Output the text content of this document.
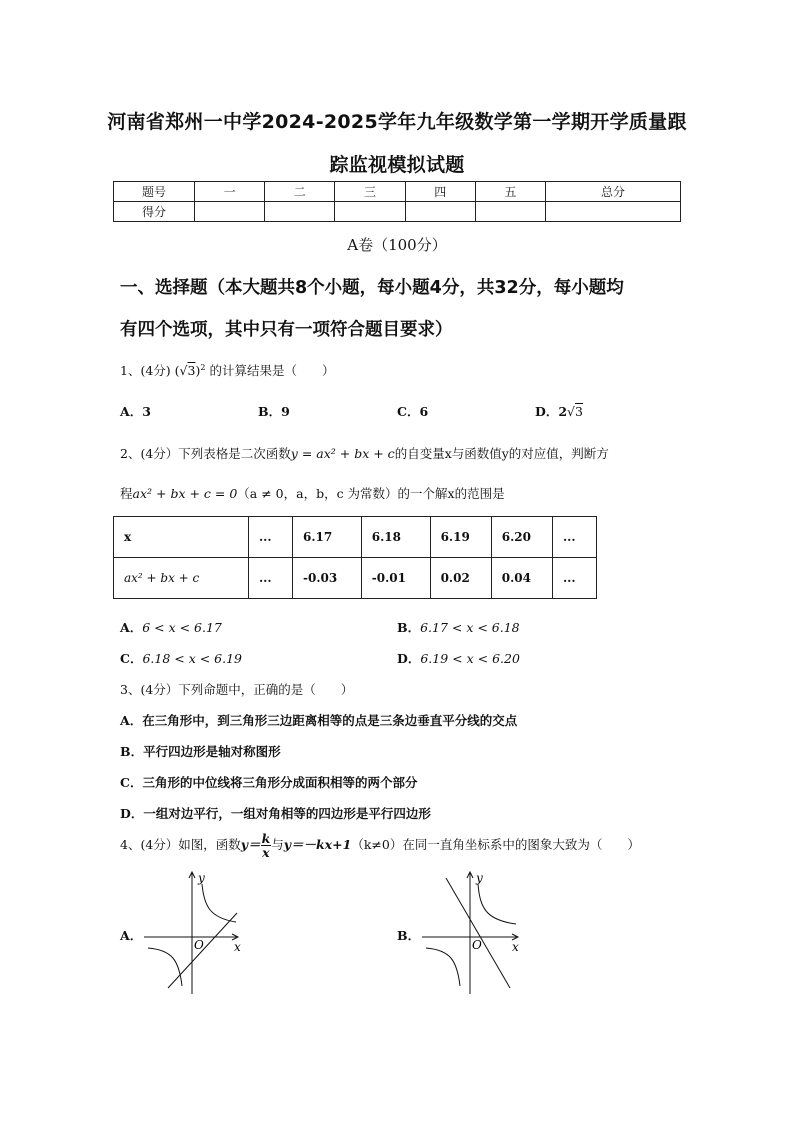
河南省郑州一中学2024-2025学年九年级数学第一学期开学质量跟
踪监视模拟试题
题号	一	二	三	四	五	总分
得分						
A卷（100分）
一、选择题（本大题共8个小题，每小题4分，共32分，每小题均
有四个选项，其中只有一项符合题目要求）
1、(4分) $(√3)^2$ 的计算结果是（　　）
A．3	B．9	C．6	D．2√3
2、(4分）下列表格是二次函数y = ax² + bx + c的自变量x与函数值y的对应值，判断方
程ax² + bx + c = 0（a ≠ 0，a，b，c 为常数）的一个解x的范围是
x	...	6.17	6.18	6.19	6.20	...
ax² + bx + c	...	-0.03	-0.01	0.02	0.04	...
A．6 < x < 6.17	B．6.17 < x < 6.18
C．6.18 < x < 6.19	D．6.19 < x < 6.20
3、(4分）下列命题中，正确的是（　　）
A．在三角形中，到三角形三边距离相等的点是三条边垂直平分线的交点
B．平行四边形是轴对称图形
C．三角形的中位线将三角形分成面积相等的两个部分
D．一组对边平行，一组对角相等的四边形是平行四边形
4、(4分）如图，函数$y= \frac{k}{x}$ 与y＝－kx+1（k≠0）在同一直角坐标系中的图象大致为（　　）
A．
y
x
O
B．
y
x
O
